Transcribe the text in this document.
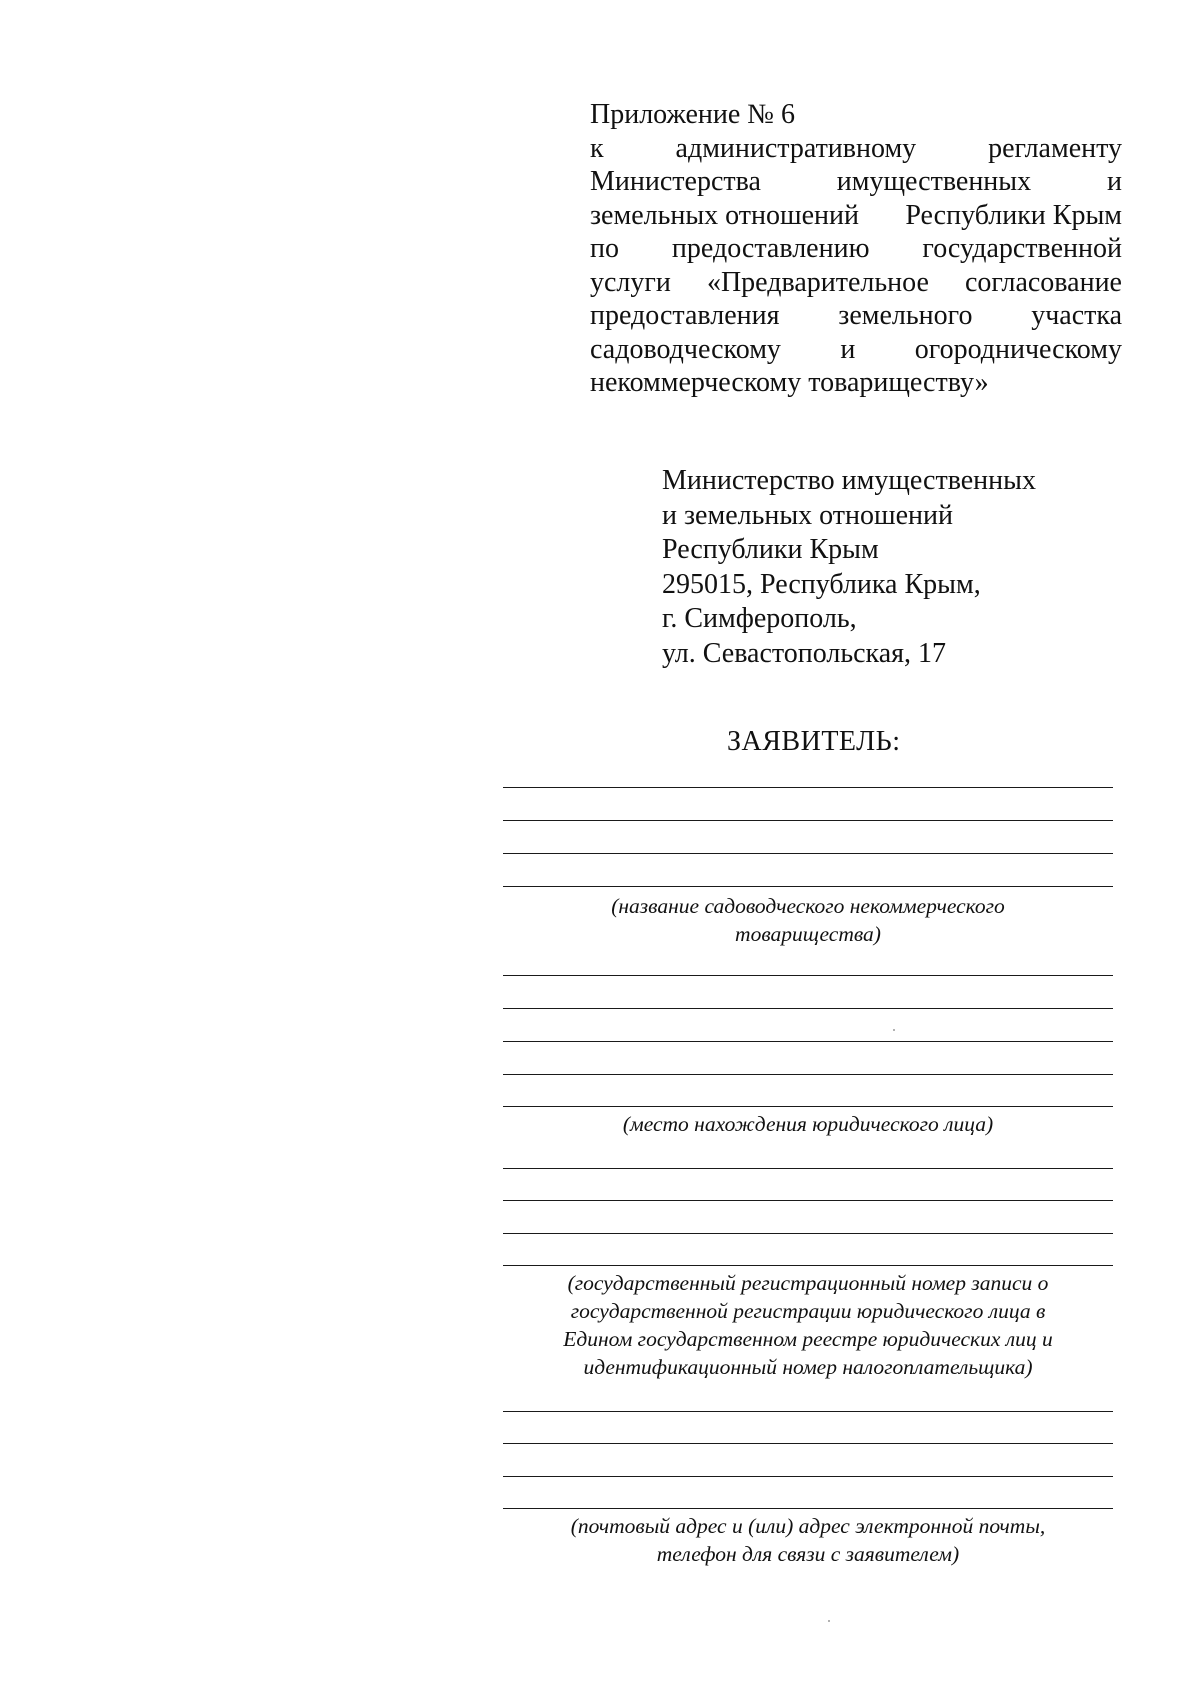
Приложение № 6
к	административному	регламенту
Министерства	имущественных	и
земельных отношений Республики Крым
по предоставлению государственной
услуги «Предварительное согласование
предоставления земельного участка
садоводческому и огородническому
некоммерческому товариществу»
Министерство имущественных
и земельных отношений
Республики Крым
295015, Республика Крым,
г. Симферополь,
ул. Севастопольская, 17
ЗАЯВИТЕЛЬ:
(название садоводческого некоммерческого
товарищества)
(место нахождения юридического лица)
(государственный регистрационный номер записи о
государственной регистрации юридического лица в
Едином государственном реестре юридических лиц и
идентификационный номер налогоплательщика)
(почтовый адрес и (или) адрес электронной почты,
телефон для связи с заявителем)
